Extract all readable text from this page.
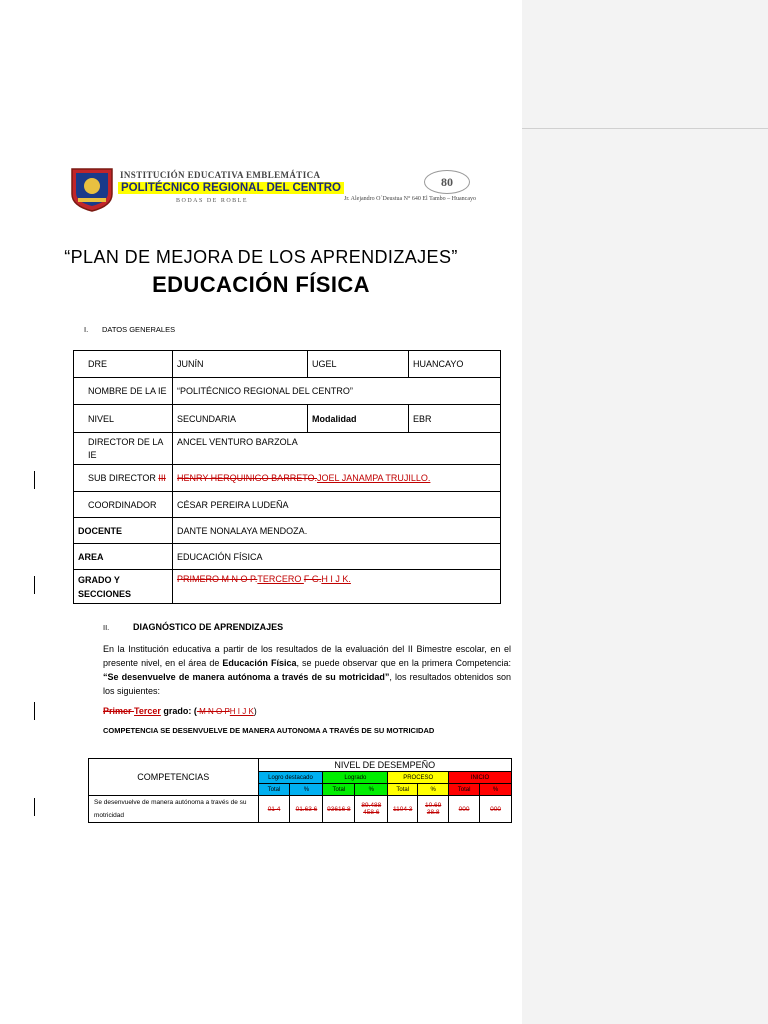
INSTITUCIÓN EDUCATIVA EMBLEMÁTICA
POLITÉCNICO REGIONAL DEL CENTRO
BODAS DE ROBLE
80
Jr. Alejandro O´Deustua N° 640 El Tambo – Huancayo
“PLAN DE MEJORA DE LOS APRENDIZAJES”
EDUCACIÓN FÍSICA
I. DATOS GENERALES
DRE	JUNÍN	UGEL	HUANCAYO
NOMBRE DE LA IE	“POLITÉCNICO REGIONAL DEL CENTRO”		
NIVEL	SECUNDARIA	Modalidad	EBR
DIRECTOR DE LA IE	ANCEL VENTURO BARZOLA		
SUB DIRECTOR III	HENRY HERQUINIGO BARRETO.JOEL JANAMPA TRUJILLO.		
COORDINADOR	CÉSAR PEREIRA LUDEÑA		
DOCENTE	DANTE NONALAYA MENDOZA.		
AREA	EDUCACIÓN FÍSICA		
GRADO Y SECCIONES	PRIMERO M N O P.TERCERO F G.H I J K.		
II.	DIAGNÓSTICO DE APRENDIZAJES
En la Institución educativa a partir de los resultados de la evaluación del II Bimestre escolar, en el presente nivel, en el área de Educación Física, se puede observar que en la primera Competencia: “Se desenvuelve de manera autónoma a través de su motricidad”, los resultados obtenidos son los siguientes:
Primer Tercer grado: ( M N O PH I J K)
COMPETENCIA SE DESENVUELVE DE MANERA AUTONOMA A TRAVÉS DE SU MOTRICIDAD
COMPETENCIAS	NIVEL DE DESEMPEÑO							
	Logro destacado		Logrado		PROCESO		INICIO	
	Total	%	Total	%	Total	%	Total	%
Se desenvuelve de manera autónoma a través de su motricidad	01 4	01.63 6	93616 8	89.488 458 6	1104 3	10.69 38.8	000	000
